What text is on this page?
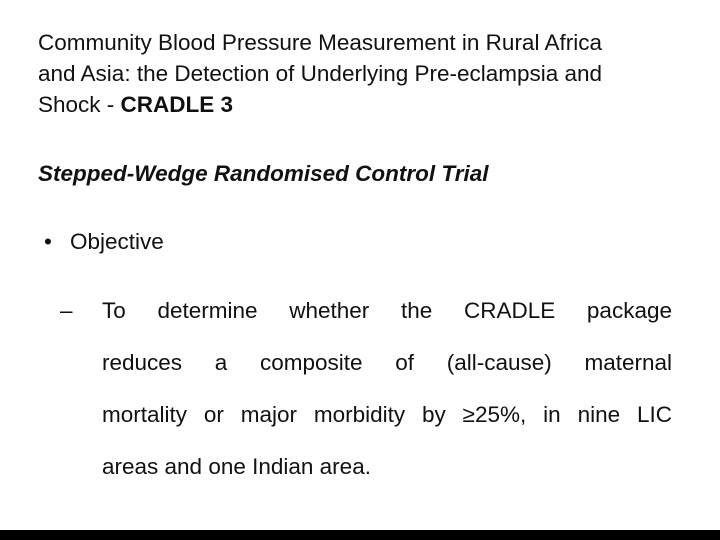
Community Blood Pressure Measurement in Rural Africa
and Asia: the Detection of Underlying Pre-eclampsia and
Shock - CRADLE 3
Stepped-Wedge Randomised Control Trial
• Objective
– To determine whether the CRADLE package
reduces a composite of (all-cause) maternal
mortality or major morbidity by ≥25%, in nine LIC
areas and one Indian area.
